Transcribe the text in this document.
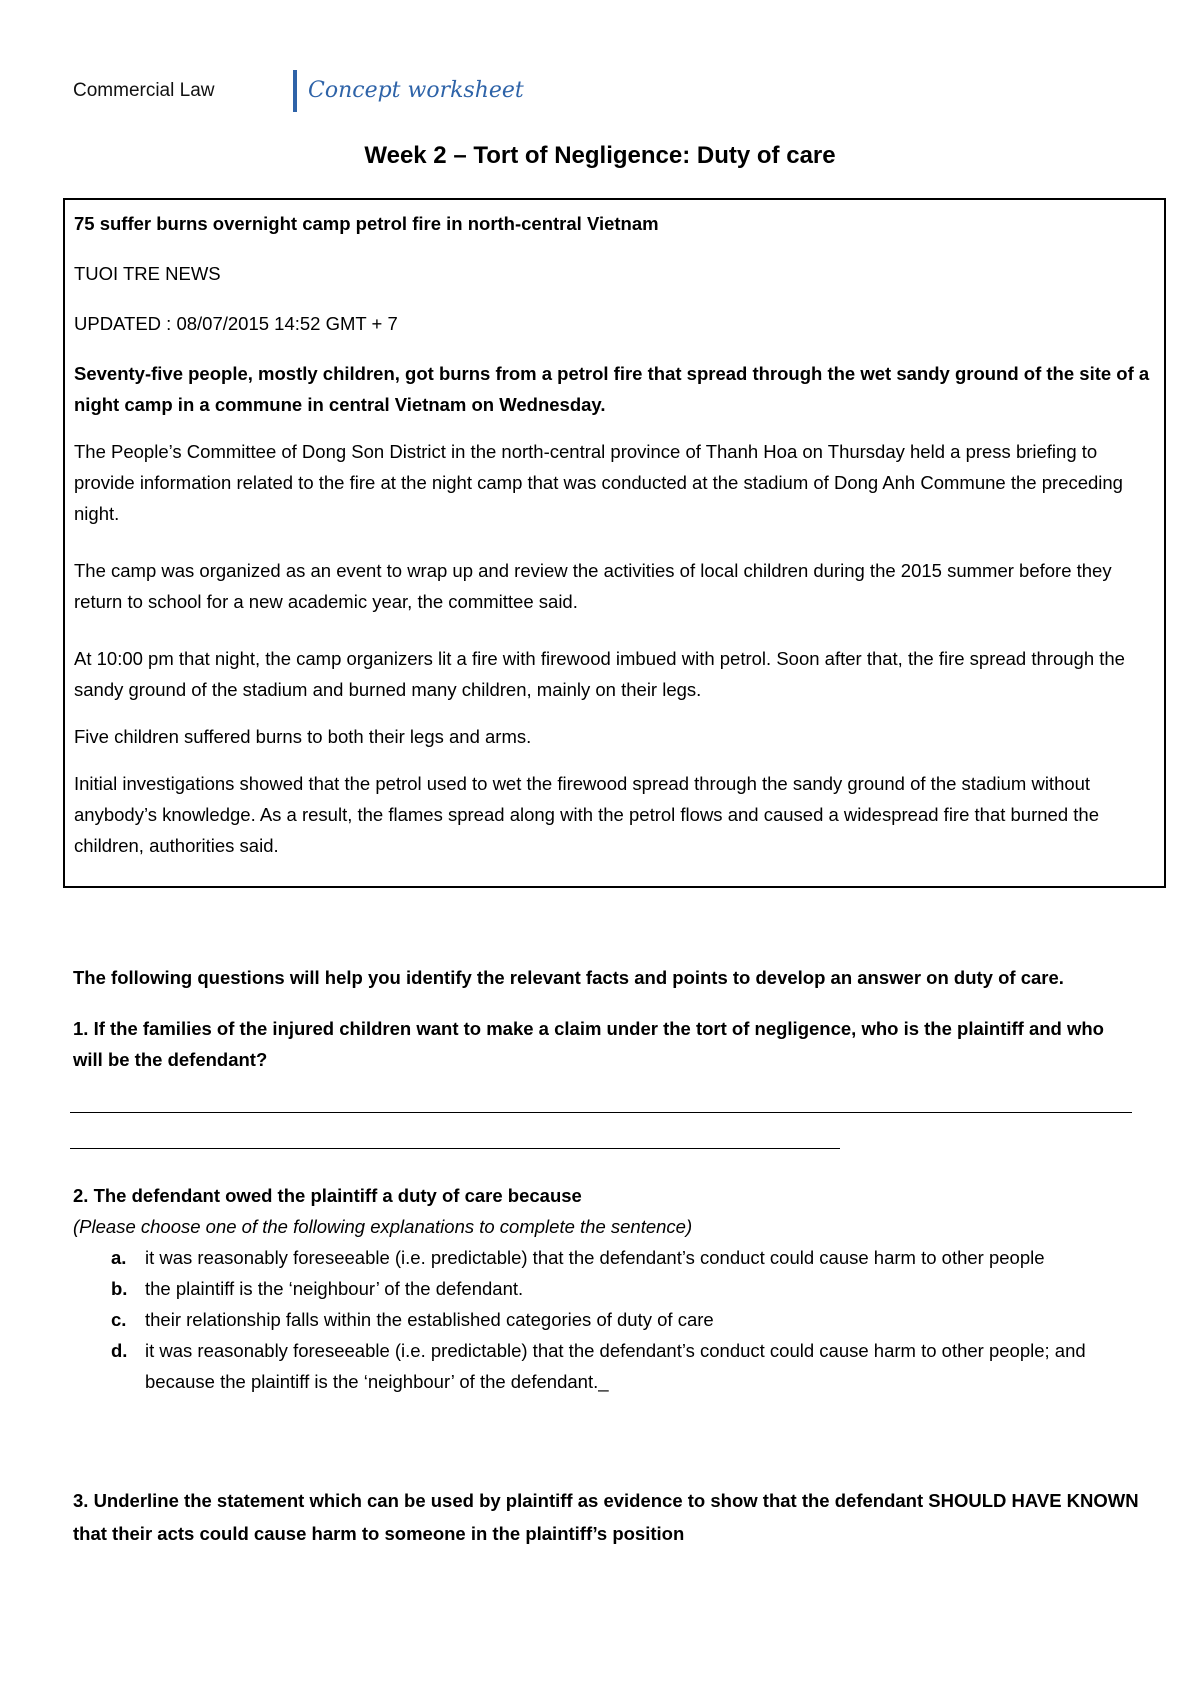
Commercial Law	Concept worksheet
Week 2 – Tort of Negligence: Duty of care

75 suffer burns overnight camp petrol fire in north-central Vietnam

TUOI TRE NEWS

UPDATED : 08/07/2015 14:52 GMT + 7

Seventy-five people, mostly children, got burns from a petrol fire that spread through the wet sandy ground of the site of a night camp in a commune in central Vietnam on Wednesday.

The People’s Committee of Dong Son District in the north-central province of Thanh Hoa on Thursday held a press briefing to provide information related to the fire at the night camp that was conducted at the stadium of Dong Anh Commune the preceding night.

The camp was organized as an event to wrap up and review the activities of local children during the 2015 summer before they return to school for a new academic year, the committee said.

At 10:00 pm that night, the camp organizers lit a fire with firewood imbued with petrol. Soon after that, the fire spread through the sandy ground of the stadium and burned many children, mainly on their legs.

Five children suffered burns to both their legs and arms.

Initial investigations showed that the petrol used to wet the firewood spread through the sandy ground of the stadium without anybody’s knowledge. As a result, the flames spread along with the petrol flows and caused a widespread fire that burned the children, authorities said.

The following questions will help you identify the relevant facts and points to develop an answer on duty of care.
1. If the families of the injured children want to make a claim under the tort of negligence, who is the plaintiff and who will be the defendant?
2. The defendant owed the plaintiff a duty of care because
(Please choose one of the following explanations to complete the sentence)
a. it was reasonably foreseeable (i.e. predictable) that the defendant’s conduct could cause harm to other people
b. the plaintiff is the ‘neighbour’ of the defendant.
c. their relationship falls within the established categories of duty of care
d. it was reasonably foreseeable (i.e. predictable) that the defendant’s conduct could cause harm to other people; and because the plaintiff is the ‘neighbour’ of the defendant._
3. Underline the statement which can be used by plaintiff as evidence to show that the defendant SHOULD HAVE KNOWN that their acts could cause harm to someone in the plaintiff’s position
